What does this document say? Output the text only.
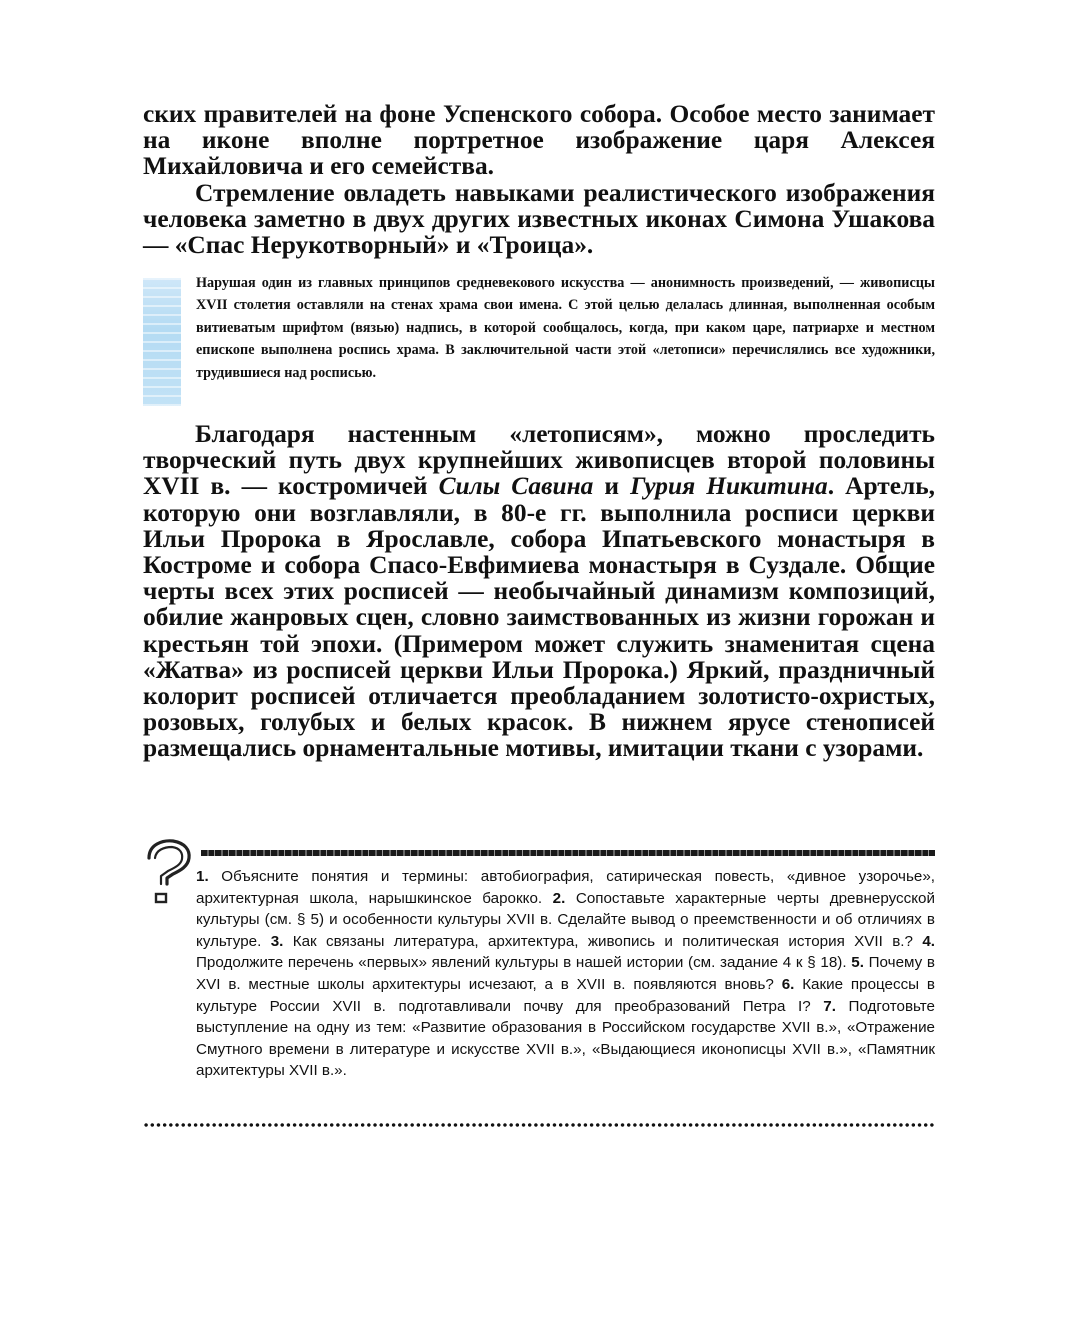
ских правителей на фоне Успенского собора. Особое место занимает на иконе вполне портретное изображение царя Алексея Михайловича и его семейства.

Стремление овладеть навыками реалистического изображения человека заметно в двух других известных иконах Симона Ушакова — «Спас Нерукотворный» и «Троица».

Нарушая один из главных принципов средневекового искусства — анонимность произведений, — живописцы XVII столетия оставляли на стенах храма свои имена. С этой целью делалась длинная, выполненная особым витиеватым шрифтом (вязью) надпись, в которой сообщалось, когда, при каком царе, патриархе и местном епископе выполнена роспись храма. В заключительной части этой «летописи» перечислялись все художники, трудившиеся над росписью.

Благодаря настенным «летописям», можно проследить творческий путь двух крупнейших живописцев второй половины XVII в. — костромичей Силы Савина и Гурия Никитина. Артель, которую они возглавляли, в 80-е гг. выполнила росписи церкви Ильи Пророка в Ярославле, собора Ипатьевского монастыря в Костроме и собора Спасо-Евфимиева монастыря в Суздале. Общие черты всех этих росписей — необычайный динамизм композиций, обилие жанровых сцен, словно заимствованных из жизни горожан и крестьян той эпохи. (Примером может служить знаменитая сцена «Жатва» из росписей церкви Ильи Пророка.) Яркий, праздничный колорит росписей отличается преобладанием золотисто-охристых, розовых, голубых и белых красок. В нижнем ярусе стенописей размещались орнаментальные мотивы, имитации ткани с узорами.

1. Объясните понятия и термины: автобиография, сатирическая повесть, «дивное узорочье», архитектурная школа, нарышкинское барокко. 2. Сопоставьте характерные черты древнерусской культуры (см. § 5) и особенности культуры XVII в. Сделайте вывод о преемственности и об отличиях в культуре. 3. Как связаны литература, архитектура, живопись и политическая история XVII в.? 4. Продолжите перечень «первых» явлений культуры в нашей истории (см. задание 4 к § 18). 5. Почему в XVI в. местные школы архитектуры исчезают, а в XVII в. появляются вновь? 6. Какие процессы в культуре России XVII в. подготавливали почву для преобразований Петра I? 7. Подготовьте выступление на одну из тем: «Развитие образования в Российском государстве XVII в.», «Отражение Смутного времени в литературе и искусстве XVII в.», «Выдающиеся иконописцы XVII в.», «Памятник архитектуры XVII в.».
